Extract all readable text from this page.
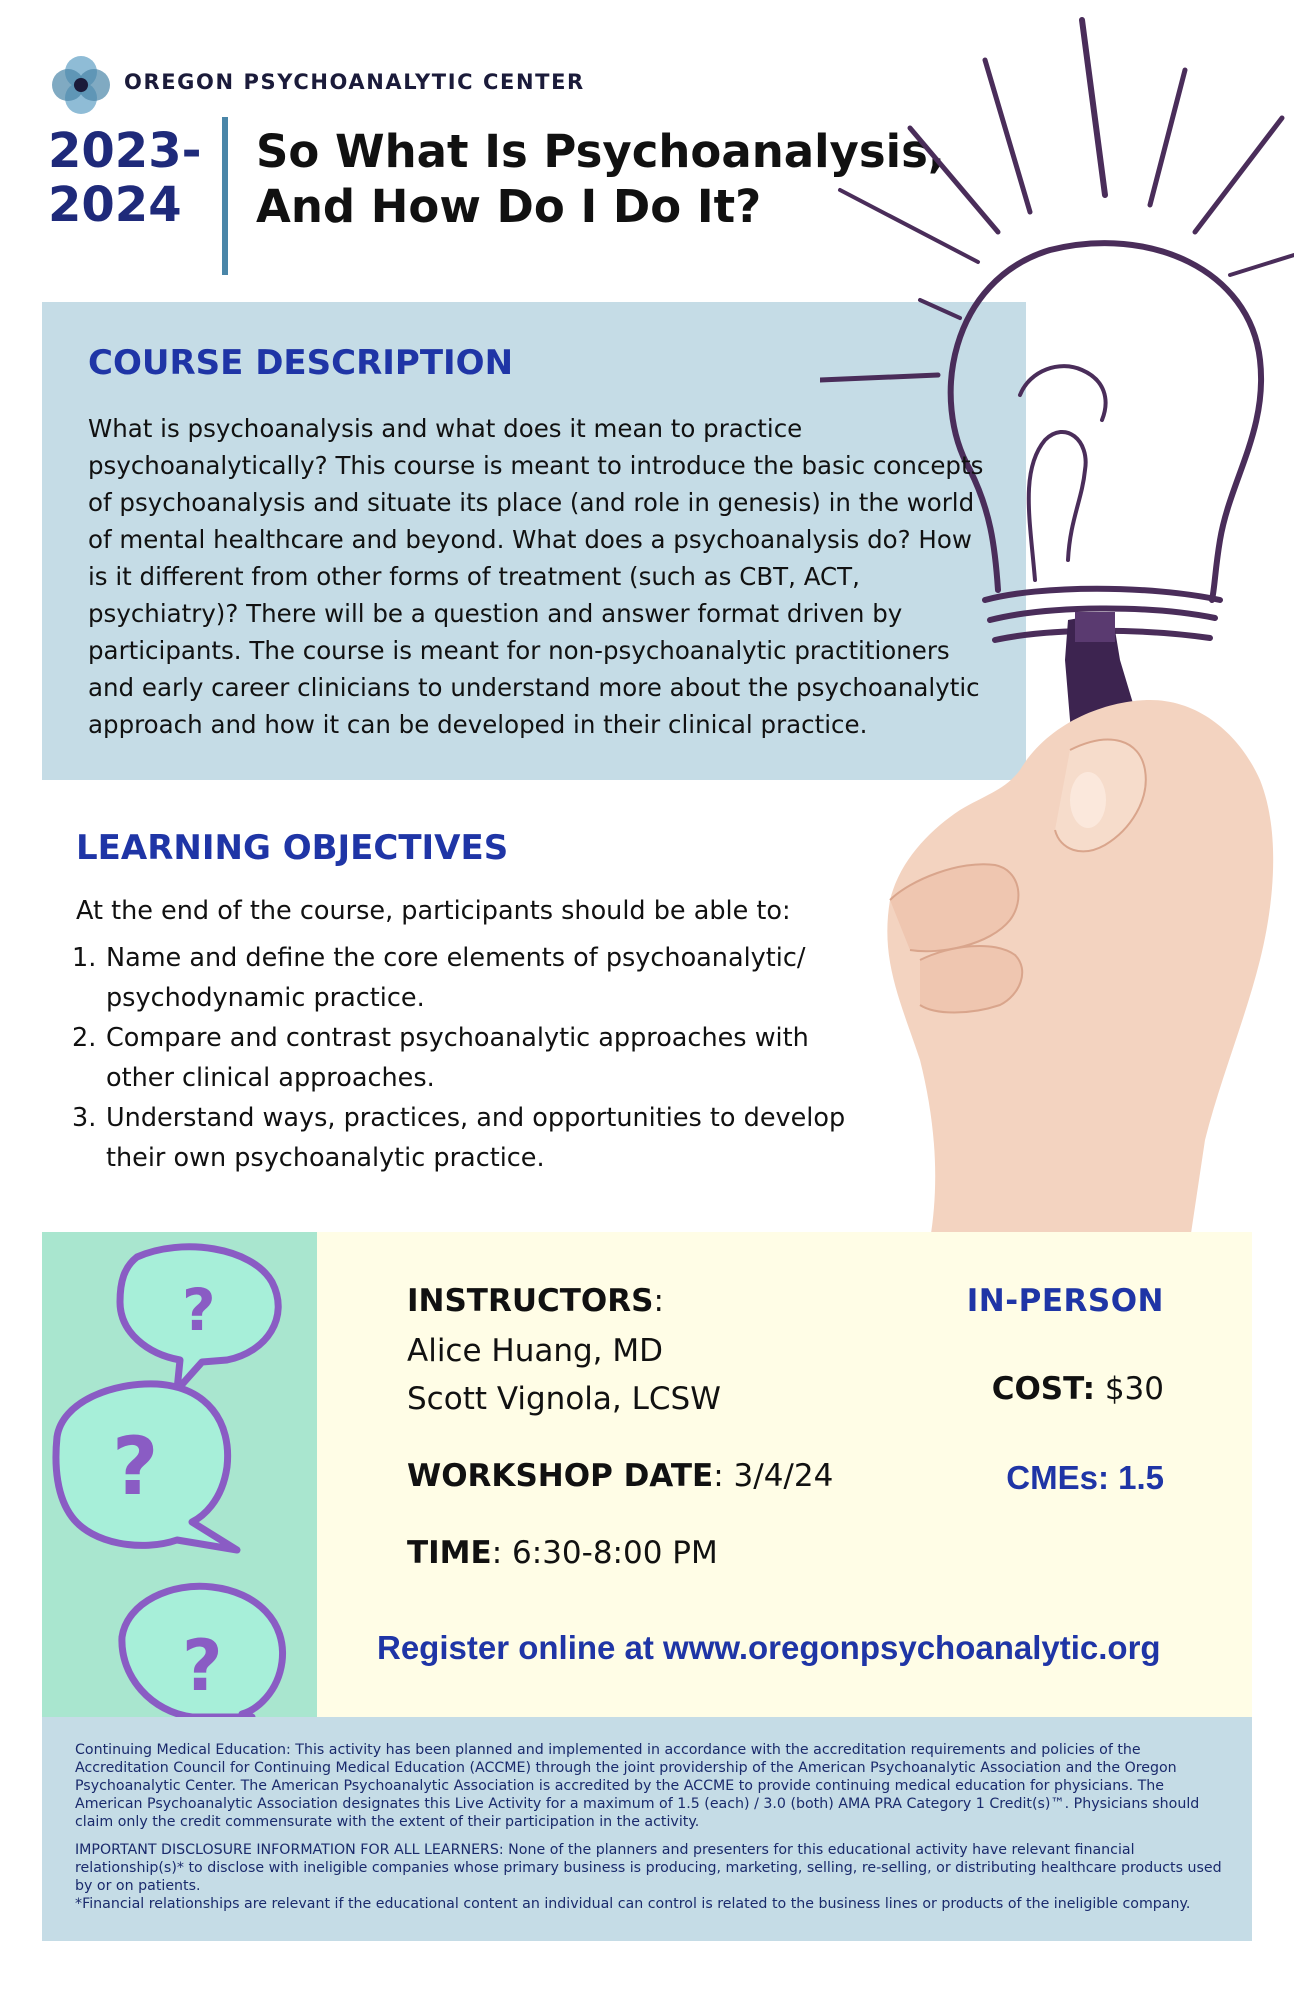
OREGON PSYCHOANALYTIC CENTER
2023-
2024
So What Is Psychoanalysis,
And How Do I Do It?
COURSE DESCRIPTION
What is psychoanalysis and what does it mean to practice psychoanalytically? This course is meant to introduce the basic concepts of psychoanalysis and situate its place (and role in genesis) in the world of mental healthcare and beyond. What does a psychoanalysis do? How is it different from other forms of treatment (such as CBT, ACT, psychiatry)? There will be a question and answer format driven by participants. The course is meant for non-psychoanalytic practitioners and early career clinicians to understand more about the psychoanalytic approach and how it can be developed in their clinical practice.
LEARNING OBJECTIVES
At the end of the course, participants should be able to:
1. Name and define the core elements of psychoanalytic/ psychodynamic practice.
2. Compare and contrast psychoanalytic approaches with other clinical approaches.
3. Understand ways, practices, and opportunities to develop their own psychoanalytic practice.
?
?
?
INSTRUCTORS:
Alice Huang, MD
Scott Vignola, LCSW
WORKSHOP DATE: 3/4/24
TIME: 6:30-8:00 PM
IN-PERSON
COST: $30
CMEs: 1.5
Register online at www.oregonpsychoanalytic.org
Continuing Medical Education: This activity has been planned and implemented in accordance with the accreditation requirements and policies of the Accreditation Council for Continuing Medical Education (ACCME) through the joint providership of the American Psychoanalytic Association and the Oregon Psychoanalytic Center. The American Psychoanalytic Association is accredited by the ACCME to provide continuing medical education for physicians. The American Psychoanalytic Association designates this Live Activity for a maximum of 1.5 (each) / 3.0 (both) AMA PRA Category 1 Credit(s)™. Physicians should claim only the credit commensurate with the extent of their participation in the activity.
IMPORTANT DISCLOSURE INFORMATION FOR ALL LEARNERS: None of the planners and presenters for this educational activity have relevant financial relationship(s)* to disclose with ineligible companies whose primary business is producing, marketing, selling, re-selling, or distributing healthcare products used by or on patients.
*Financial relationships are relevant if the educational content an individual can control is related to the business lines or products of the ineligible company.
